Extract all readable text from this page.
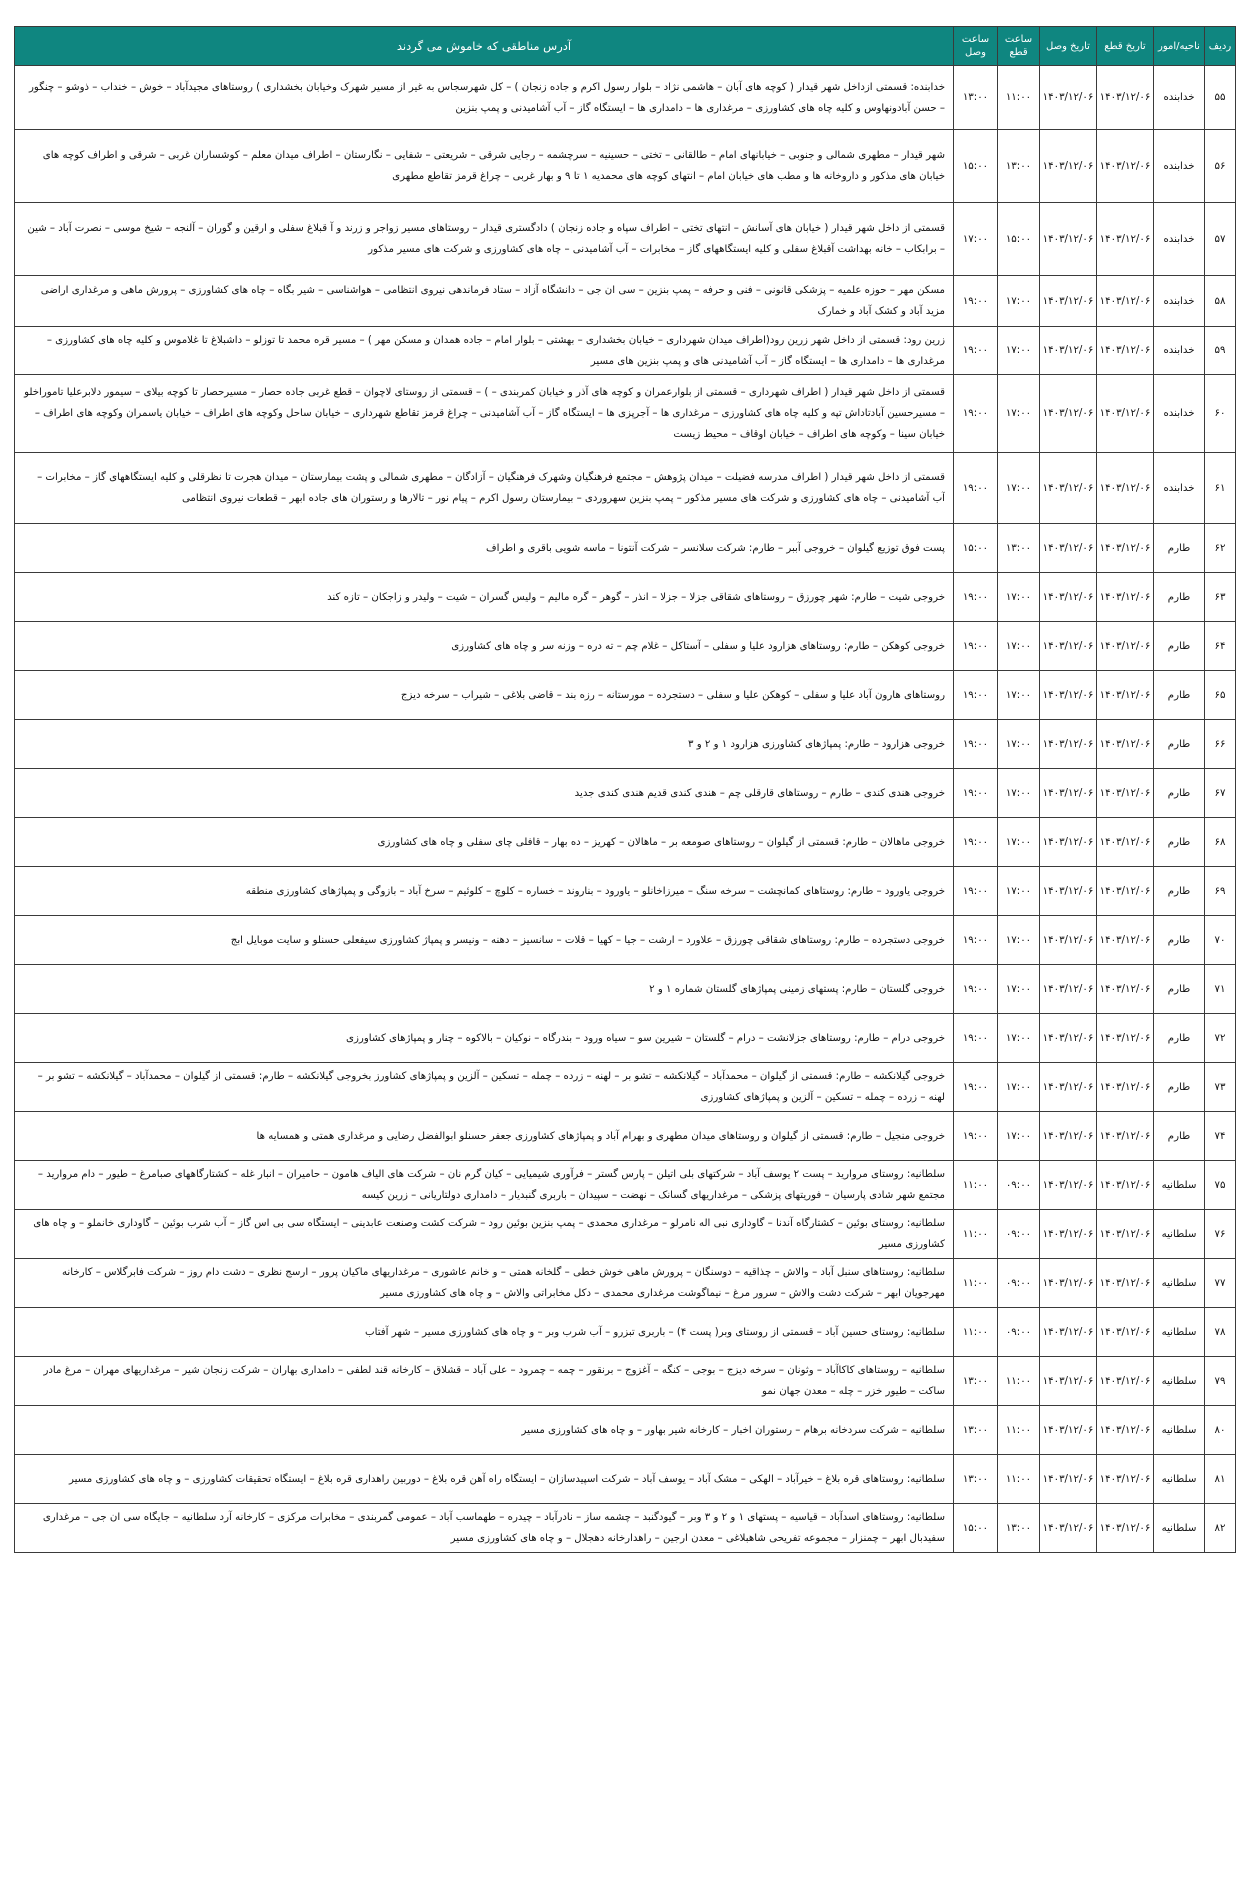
ردیف	ناحیه/امور	تاریخ قطع	تاریخ وصل	ساعت قطع	ساعت وصل	آدرس مناطقی که خاموش می گردند
۵۵	خدابنده	۱۴۰۳/۱۲/۰۶	۱۴۰۳/۱۲/۰۶	۱۱:۰۰	۱۳:۰۰	خدابنده: قسمتی ازداخل شهر قیدار ( کوچه های آبان – هاشمی نژاد – بلوار رسول اکرم و جاده زنجان ) – کل شهرسجاس به غیر از مسیر شهرک وخیابان بخشداری ) روستاهای مجیدآباد – خوش – خنداب – ذوشو – چنگور – حسن آبادونهاوس و کلیه چاه های کشاورزی – مرغداری ها – دامداری ها – ایستگاه گاز – آب آشامیدنی و پمپ بنزین

۵۶	خدابنده	۱۴۰۳/۱۲/۰۶	۱۴۰۳/۱۲/۰۶	۱۳:۰۰	۱۵:۰۰	شهر قیدار – مطهری شمالی و جنوبی – خیابانهای امام – طالقانی – تختی – حسینیه – سرچشمه – رجایی شرقی – شریعتی – شفایی – نگارستان – اطراف میدان معلم – کوشساران غربی – شرقی و اطراف کوچه های خیابان های مذکور و داروخانه ها و مطب های خیابان امام – انتهای کوچه های محمدیه ۱ تا ۹ و بهار غربی – چراغ قرمز تقاطع مطهری

۵۷	خدابنده	۱۴۰۳/۱۲/۰۶	۱۴۰۳/۱۲/۰۶	۱۵:۰۰	۱۷:۰۰	قسمتی از داخل شهر قیدار ( خیابان های آسانش – انتهای تختی – اطراف سپاه و جاده زنجان ) دادگستری قیدار – روستاهای مسیر زواجر و زرند و آ قبلاغ سفلی و ارقین و گوران – آلنجه – شیخ موسی – نصرت آباد – شین – برابکاب – خانه بهداشت آقبلاغ سفلی و کلیه ایستگاههای گاز – مخابرات – آب آشامیدنی – چاه های کشاورزی و شرکت های مسیر مذکور

۵۸	خدابنده	۱۴۰۳/۱۲/۰۶	۱۴۰۳/۱۲/۰۶	۱۷:۰۰	۱۹:۰۰	مسکن مهر – حوزه علمیه – پزشکی قانونی – فنی و حرفه – پمپ بنزین – سی ان جی – دانشگاه آزاد – ستاد فرماندهی نیروی انتظامی – هواشناسی – شیر بگاه – چاه های کشاورزی – پرورش ماهی و مرغداری اراضی مزید آباد و کشک آباد و خمارک

۵۹	خدابنده	۱۴۰۳/۱۲/۰۶	۱۴۰۳/۱۲/۰۶	۱۷:۰۰	۱۹:۰۰	زرین رود: قسمتی از داخل شهر زرین رود(اطراف میدان شهرداری – خیابان بخشداری – بهشتی – بلوار امام – جاده همدان و مسکن مهر ) – مسیر قره محمد تا توزلو – داشبلاغ تا غلاموس و کلیه چاه های کشاورزی – مرغداری ها – دامداری ها – ایستگاه گاز – آب آشامیدنی های و پمپ بنزین های مسیر

۶۰	خدابنده	۱۴۰۳/۱۲/۰۶	۱۴۰۳/۱۲/۰۶	۱۷:۰۰	۱۹:۰۰	قسمتی از داخل شهر قیدار ( اطراف شهرداری – قسمتی از بلوارعمران و کوچه های آذر و خیابان کمربندی – ) – قسمتی از روستای لاچوان – قطع غربی جاده حصار – مسیرحصار تا کوچه بیلای – سیمور دلابرعلیا تاموراخلو – مسیرحسین آبادتاداش تپه و کلیه چاه های کشاورزی – مرغداری ها – آجرپزی ها – ایستگاه گاز – آب آشامیدنی – چراغ قرمز تقاطع شهرداری – خیابان ساحل وکوچه های اطراف – خیابان یاسمران وکوچه های اطراف – خیابان سینا – وکوچه های اطراف – خیابان اوقاف – محیط زیست

۶۱	خدابنده	۱۴۰۳/۱۲/۰۶	۱۴۰۳/۱۲/۰۶	۱۷:۰۰	۱۹:۰۰	قسمتی از داخل شهر قیدار ( اطراف مدرسه فضیلت – میدان پژوهش – مجتمع فرهنگیان وشهرک فرهنگیان – آزادگان – مطهری شمالی و پشت بیمارستان – میدان هجرت تا نظرقلی و کلیه ایستگاههای گاز – مخابرات – آب آشامیدنی – چاه های کشاورزی و شرکت های مسیر مذکور – پمپ بنزین سهروردی – بیمارستان رسول اکرم – پیام نور – تالارها و رستوران های جاده ابهر – قطعات نیروی انتظامی

۶۲	طارم	۱۴۰۳/۱۲/۰۶	۱۴۰۳/۱۲/۰۶	۱۳:۰۰	۱۵:۰۰	پست فوق توزیع گیلوان – خروجی آببر – طارم: شرکت سلانسر – شرکت آنتونا – ماسه شویی باقری و اطراف

۶۳	طارم	۱۴۰۳/۱۲/۰۶	۱۴۰۳/۱۲/۰۶	۱۷:۰۰	۱۹:۰۰	خروجی شیت – طارم: شهر چورزق – روستاهای شقاقی جزلا – جزلا – انذر – گوهر – گره مالیم – ولیس گسران – شیت – ولیدر و زاجکان – تازه کند

۶۴	طارم	۱۴۰۳/۱۲/۰۶	۱۴۰۳/۱۲/۰۶	۱۷:۰۰	۱۹:۰۰	خروجی کوهکن – طارم: روستاهای هزارود علیا و سفلی – آستاکل – غلام چم – ته دره – وزنه سر و چاه های کشاورزی

۶۵	طارم	۱۴۰۳/۱۲/۰۶	۱۴۰۳/۱۲/۰۶	۱۷:۰۰	۱۹:۰۰	روستاهای هارون آباد علیا و سفلی – کوهکن علیا و سفلی – دستجرده – مورستانه – رزه بند – قاضی بلاغی – شیراب – سرخه دیزج

۶۶	طارم	۱۴۰۳/۱۲/۰۶	۱۴۰۳/۱۲/۰۶	۱۷:۰۰	۱۹:۰۰	خروجی هزارود – طارم: پمپاژهای کشاورزی هزارود ۱ و ۲ و ۳

۶۷	طارم	۱۴۰۳/۱۲/۰۶	۱۴۰۳/۱۲/۰۶	۱۷:۰۰	۱۹:۰۰	خروجی هندی کندی – طارم – روستاهای قارقلی چم – هندی کندی قدیم هندی کندی جدید

۶۸	طارم	۱۴۰۳/۱۲/۰۶	۱۴۰۳/۱۲/۰۶	۱۷:۰۰	۱۹:۰۰	خروجی ماهالان – طارم: قسمتی از گیلوان – روستاهای صومعه بر – ماهالان – کهریز – ده بهار – قافلی چای سفلی و چاه های کشاورزی

۶۹	طارم	۱۴۰۳/۱۲/۰۶	۱۴۰۳/۱۲/۰۶	۱۷:۰۰	۱۹:۰۰	خروجی یاورود – طارم: روستاهای کمانچشت – سرخه سنگ – میرزاخانلو – یاورود – بناروند – خساره – کلوچ – کلوئیم – سرخ آباد – بازوگی و پمپاژهای کشاورزی منطقه

۷۰	طارم	۱۴۰۳/۱۲/۰۶	۱۴۰۳/۱۲/۰۶	۱۷:۰۰	۱۹:۰۰	خروجی دستجرده – طارم: روستاهای شقاقی چورزق – علاورد – ارشت – جیا – کهیا – قلات – سانسیز – دهنه – ونیسر و پمپاژ کشاورزی سیفعلی حسنلو و سایت موبایل ابج

۷۱	طارم	۱۴۰۳/۱۲/۰۶	۱۴۰۳/۱۲/۰۶	۱۷:۰۰	۱۹:۰۰	خروجی گلستان – طارم: پستهای زمینی پمپاژهای گلستان شماره ۱ و ۲

۷۲	طارم	۱۴۰۳/۱۲/۰۶	۱۴۰۳/۱۲/۰۶	۱۷:۰۰	۱۹:۰۰	خروجی درام – طارم: روستاهای جزلانشت – درام – گلستان – شیرین سو – سیاه ورود – بندرگاه – نوکیان – بالاکوه – چنار و پمپاژهای کشاورزی

۷۳	طارم	۱۴۰۳/۱۲/۰۶	۱۴۰۳/۱۲/۰۶	۱۷:۰۰	۱۹:۰۰	خروجی گیلانکشه – طارم: قسمتی از گیلوان – محمدآباد – گیلانکشه – تشو بر – لهنه – زرده – چمله – تسکین – آلزین و پمپاژهای کشاورز بخروجی گیلانکشه – طارم: قسمتی از گیلوان – محمدآباد – گیلانکشه – تشو بر – لهنه – زرده – چمله – تسکین – آلزین و پمپاژهای کشاورزی

۷۴	طارم	۱۴۰۳/۱۲/۰۶	۱۴۰۳/۱۲/۰۶	۱۷:۰۰	۱۹:۰۰	خروجی منجیل – طارم: قسمتی از گیلوان و روستاهای میدان مطهری و بهرام آباد و پمپاژهای کشاورزی جعفر حسنلو ابوالفضل رضایی و مرغداری همتی و همسایه ها

۷۵	سلطانیه	۱۴۰۳/۱۲/۰۶	۱۴۰۳/۱۲/۰۶	۰۹:۰۰	۱۱:۰۰	سلطانیه: روستای مروارید – پست ۲ یوسف آباد – شرکتهای بلی اتیلن – پارس گستر – فرآوری شیمیایی – کیان گرم نان – شرکت های الیاف هامون – حامیران – انبار غله – کشتارگاههای صبامرغ – طیور – دام مروارید – مجتمع شهر شادی پارسیان – فوریتهای پزشکی – مرغداریهای گسانک – نهضت – سپیدان – باربری گنبدیار – دامداری دولتاریانی – زرین کیسه

۷۶	سلطانیه	۱۴۰۳/۱۲/۰۶	۱۴۰۳/۱۲/۰۶	۰۹:۰۰	۱۱:۰۰	سلطانیه: روستای بوئین – کشتارگاه آندنا – گاوداری نبی اله نامرلو – مرغداری محمدی – پمپ بنزین بوئین رود – شرکت کشت وصنعت عابدینی – ایستگاه سی بی اس گاز – آب شرب بوئین – گاوداری خانملو – و چاه های کشاورزی مسیر

۷۷	سلطانیه	۱۴۰۳/۱۲/۰۶	۱۴۰۳/۱۲/۰۶	۰۹:۰۰	۱۱:۰۰	سلطانیه: روستاهای سنبل آباد – والاش – چذاقیه – دوسنگان – پرورش ماهی خوش خطی – گلخانه همتی – و خانم عاشوری – مرغداریهای ماکیان پرور – ارسج نظری – دشت دام روز – شرکت فابرگلاس – کارخانه مهرجویان ابهر – شرکت دشت والاش – سرور مرغ – نیماگوشت مرغداری محمدی – دکل مخابراتی والاش – و چاه های کشاورزی مسیر

۷۸	سلطانیه	۱۴۰۳/۱۲/۰۶	۱۴۰۳/۱۲/۰۶	۰۹:۰۰	۱۱:۰۰	سلطانیه: روستای حسین آباد – قسمتی از روستای وبر( پست ۴) – باربری تبزرو – آب شرب وبر – و چاه های کشاورزی مسیر – شهر آفتاب

۷۹	سلطانیه	۱۴۰۳/۱۲/۰۶	۱۴۰۳/۱۲/۰۶	۱۱:۰۰	۱۳:۰۰	سلطانیه – روستاهای کاکاآباد – وثونان – سرخه دیزج – بوجی – کنگه – آغزوج – برنقور – چمه – چمرود – علی آباد – قشلاق – کارخانه قند لطفی – دامداری بهاران – شرکت زنجان شیر – مرغداریهای مهران – مرغ مادر ساکت – طیور خزر – چله – معدن جهان نمو

۸۰	سلطانیه	۱۴۰۳/۱۲/۰۶	۱۴۰۳/۱۲/۰۶	۱۱:۰۰	۱۳:۰۰	سلطانیه – شرکت سردخانه برهام – رستوران اخبار – کارخانه شیر بهاور – و چاه های کشاورزی مسیر

۸۱	سلطانیه	۱۴۰۳/۱۲/۰۶	۱۴۰۳/۱۲/۰۶	۱۱:۰۰	۱۳:۰۰	سلطانیه: روستاهای قره بلاغ – خیرآباد – الهکی – مشک آباد – یوسف آباد – شرکت اسپیدسازان – ایستگاه راه آهن قره بلاغ – دوربین راهداری قره بلاغ – ایستگاه تحقیقات کشاورزی – و چاه های کشاورزی مسیر

۸۲	سلطانیه	۱۴۰۳/۱۲/۰۶	۱۴۰۳/۱۲/۰۶	۱۳:۰۰	۱۵:۰۰	سلطانیه: روستاهای اسدآباد – قیاسیه – پستهای ۱ و ۲ و ۳ وبر – گیودگنبد – چشمه ساز – نادرآباد – چیدره – طهماسب آباد – عمومی گمربندی – مخابرات مرکزی – کارخانه آرد سلطانیه – جایگاه سی ان جی – مرغداری سفیدبال ابهر – چمنزار – مجموعه تفریحی شاهبلاغی – معدن ارجین – راهدارخانه دهجلال – و چاه های کشاورزی مسیر
